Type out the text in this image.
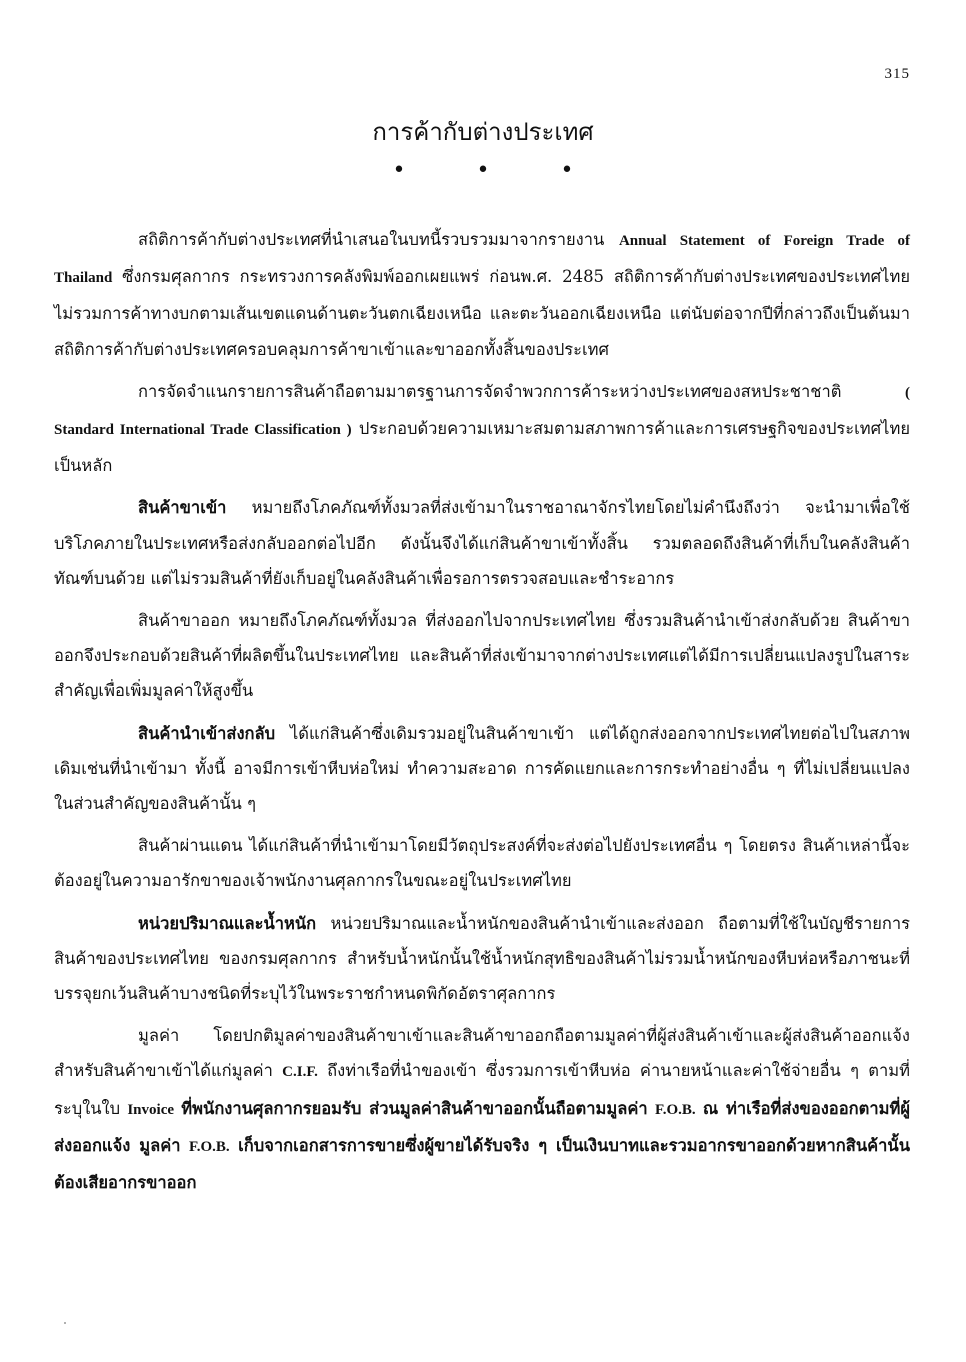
315
การค้ากับต่างประเทศ
• • •

สถิติการค้ากับต่างประเทศที่นำเสนอในบทนี้รวบรวมมาจากรายงาน Annual Statement of Foreign Trade of Thailand ซึ่งกรมศุลกากร กระทรวงการคลังพิมพ์ออกเผยแพร่ ก่อนพ.ศ. 2485 สถิติการค้ากับต่างประเทศของประเทศไทย ไม่รวมการค้าทางบกตามเส้นเขตแดนด้านตะวันตกเฉียงเหนือ และตะวันออกเฉียงเหนือ แต่นับต่อจากปีที่กล่าวถึงเป็นต้นมา สถิติการค้ากับต่างประเทศครอบคลุมการค้าขาเข้าและขาออกทั้งสิ้นของประเทศ

การจัดจำแนกรายการสินค้าถือตามมาตรฐานการจัดจำพวกการค้าระหว่างประเทศของสหประชาชาติ	( Standard International Trade Classification ) ประกอบด้วยความเหมาะสมตามสภาพการค้าและการเศรษฐกิจของประเทศไทยเป็นหลัก

สินค้าขาเข้า หมายถึงโภคภัณฑ์ทั้งมวลที่ส่งเข้ามาในราชอาณาจักรไทยโดยไม่คำนึงถึงว่า จะนำมาเพื่อใช้บริโภคภายในประเทศหรือส่งกลับออกต่อไปอีก ดังนั้นจึงได้แก่สินค้าขาเข้าทั้งสิ้น รวมตลอดถึงสินค้าที่เก็บในคลังสินค้าทัณฑ์บนด้วย แต่ไม่รวมสินค้าที่ยังเก็บอยู่ในคลังสินค้าเพื่อรอการตรวจสอบและชำระอากร

สินค้าขาออก หมายถึงโภคภัณฑ์ทั้งมวล ที่ส่งออกไปจากประเทศไทย ซึ่งรวมสินค้านำเข้าส่งกลับด้วย สินค้าขาออกจึงประกอบด้วยสินค้าที่ผลิตขึ้นในประเทศไทย และสินค้าที่ส่งเข้ามาจากต่างประเทศแต่ได้มีการเปลี่ยนแปลงรูปในสาระสำคัญเพื่อเพิ่มมูลค่าให้สูงขึ้น

สินค้านำเข้าส่งกลับ ได้แก่สินค้าซึ่งเดิมรวมอยู่ในสินค้าขาเข้า แต่ได้ถูกส่งออกจากประเทศไทยต่อไปในสภาพเดิมเช่นที่นำเข้ามา ทั้งนี้ อาจมีการเข้าหีบห่อใหม่ ทำความสะอาด การคัดแยกและการกระทำอย่างอื่น ๆ ที่ไม่เปลี่ยนแปลงในส่วนสำคัญของสินค้านั้น ๆ

สินค้าผ่านแดน ได้แก่สินค้าที่นำเข้ามาโดยมีวัตถุประสงค์ที่จะส่งต่อไปยังประเทศอื่น ๆ โดยตรง สินค้าเหล่านี้จะต้องอยู่ในความอารักขาของเจ้าพนักงานศุลกากรในขณะอยู่ในประเทศไทย

หน่วยปริมาณและน้ำหนัก หน่วยปริมาณและน้ำหนักของสินค้านำเข้าและส่งออก ถือตามที่ใช้ในบัญชีรายการสินค้าของประเทศไทย ของกรมศุลกากร สำหรับน้ำหนักนั้นใช้น้ำหนักสุทธิของสินค้าไม่รวมน้ำหนักของหีบห่อหรือภาชนะที่บรรจุยกเว้นสินค้าบางชนิดที่ระบุไว้ในพระราชกำหนดพิกัดอัตราศุลกากร

มูลค่า โดยปกติมูลค่าของสินค้าขาเข้าและสินค้าขาออกถือตามมูลค่าที่ผู้ส่งสินค้าเข้าและผู้ส่งสินค้าออกแจ้ง สำหรับสินค้าขาเข้าได้แก่มูลค่า C.I.F. ถึงท่าเรือที่นำของเข้า ซึ่งรวมการเข้าหีบห่อ ค่านายหน้าและค่าใช้จ่ายอื่น ๆ ตามที่ระบุในใบ Invoice ที่พนักงานศุลกากรยอมรับ ส่วนมูลค่าสินค้าขาออกนั้นถือตามมูลค่า F.O.B. ณ ท่าเรือที่ส่งของออกตามที่ผู้ส่งออกแจ้ง มูลค่า F.O.B. เก็บจากเอกสารการขายซึ่งผู้ขายได้รับจริง ๆ เป็นเงินบาทและรวมอากรขาออกด้วยหากสินค้านั้นต้องเสียอากรขาออก
